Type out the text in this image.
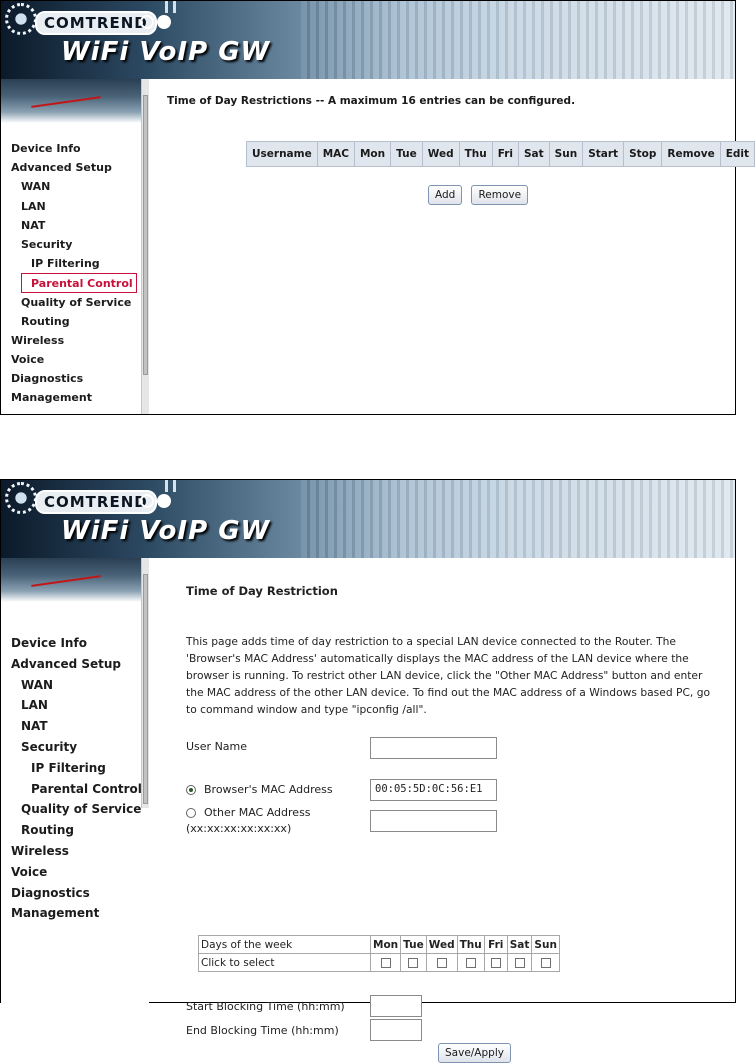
COMTREND
WiFi VoIP GW
Device Info
Advanced Setup
WAN
LAN
NAT
Security
IP Filtering
Parental Control
Quality of Service
Routing
Wireless
Voice
Diagnostics
Management
Time of Day Restrictions -- A maximum 16 entries can be configured.
Username	MAC	Mon	Tue	Wed	Thu	Fri	Sat	Sun	Start	Stop	Remove	Edit
Add Remove
COMTREND
WiFi VoIP GW
Device Info
Advanced Setup
WAN
LAN
NAT
Security
IP Filtering
Parental Control
Quality of Service
Routing
Wireless
Voice
Diagnostics
Management
Time of Day Restriction
This page adds time of day restriction to a special LAN device connected to the Router. The 'Browser's MAC Address' automatically displays the MAC address of the LAN device where the browser is running. To restrict other LAN device, click the "Other MAC Address" button and enter the MAC address of the other LAN device. To find out the MAC address of a Windows based PC, go to command window and type "ipconfig /all".
User Name
Browser's MAC Address	00:05:5D:0C:56:E1
Other MAC Address
(xx:xx:xx:xx:xx:xx)
Days of the week	Mon	Tue	Wed	Thu	Fri	Sat	Sun
Click to select							
Start Blocking Time (hh:mm)
End Blocking Time (hh:mm)
Save/Apply
